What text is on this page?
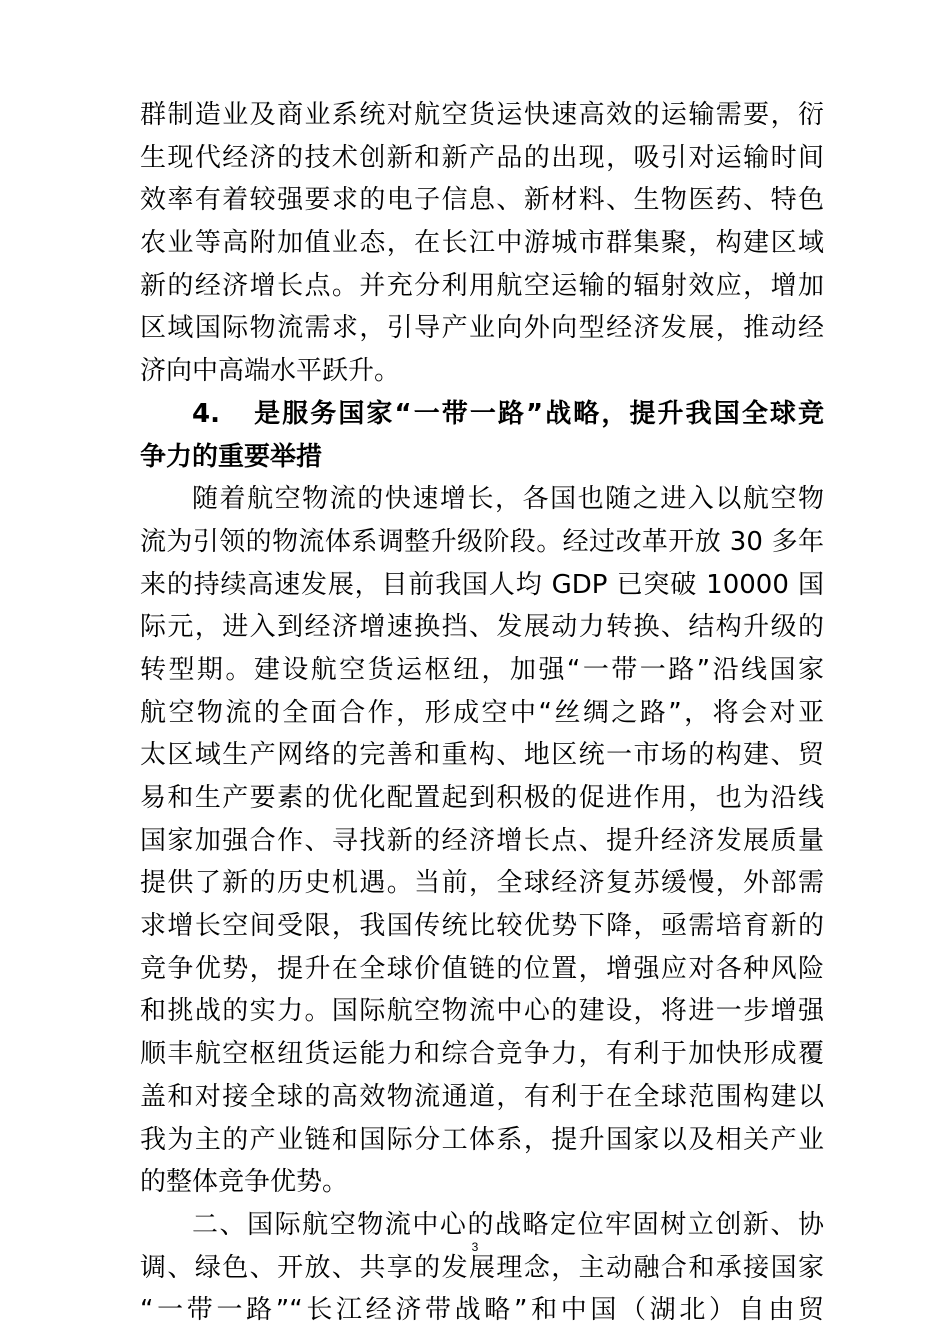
群制造业及商业系统对航空货运快速高效的运输需要，衍
生现代经济的技术创新和新产品的出现，吸引对运输时间
效率有着较强要求的电子信息、新材料、生物医药、特色
农业等高附加值业态，在长江中游城市群集聚，构建区域
新的经济增长点。并充分利用航空运输的辐射效应，增加
区域国际物流需求，引导产业向外向型经济发展，推动经
济向中高端水平跃升。
4. 是服务国家“一带一路”战略，提升我国全球竞
争力的重要举措
随着航空物流的快速增长，各国也随之进入以航空物
流为引领的物流体系调整升级阶段。经过改革开放 30 多年
来的持续高速发展，目前我国人均 GDP 已突破 10000 国
际元，进入到经济增速换挡、发展动力转换、结构升级的
转型期。建设航空货运枢纽，加强“一带一路”沿线国家
航空物流的全面合作，形成空中“丝绸之路”，将会对亚
太区域生产网络的完善和重构、地区统一市场的构建、贸
易和生产要素的优化配置起到积极的促进作用，也为沿线
国家加强合作、寻找新的经济增长点、提升经济发展质量
提供了新的历史机遇。当前，全球经济复苏缓慢，外部需
求增长空间受限，我国传统比较优势下降，亟需培育新的
竞争优势，提升在全球价值链的位置，增强应对各种风险
和挑战的实力。国际航空物流中心的建设，将进一步增强
顺丰航空枢纽货运能力和综合竞争力，有利于加快形成覆
盖和对接全球的高效物流通道，有利于在全球范围构建以
我为主的产业链和国际分工体系，提升国家以及相关产业
的整体竞争优势。
二、国际航空物流中心的战略定位牢固树立创新、协
调、绿色、开放、共享的发展理念，主动融合和承接国家
“一带一路”“长江经济带战略”和中国（湖北）自由贸
3
